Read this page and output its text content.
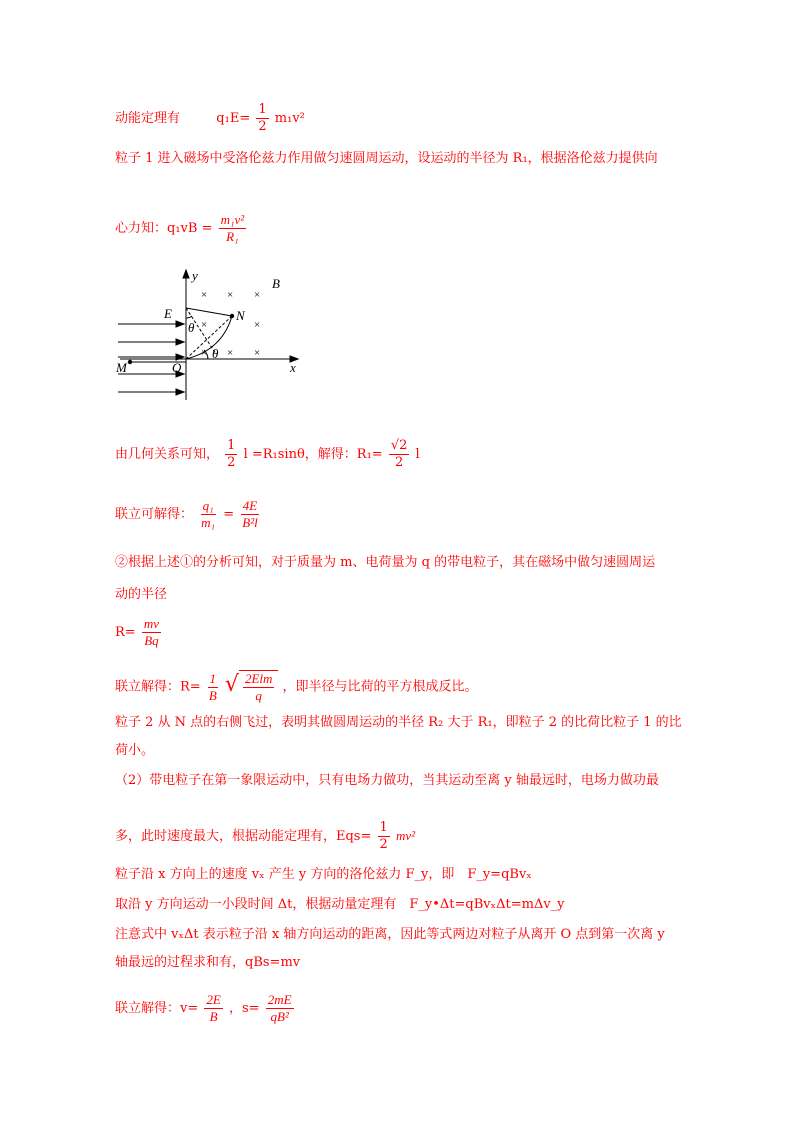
动能定理有	$q_1E= \frac{1}{2} m_1v^2$
粒子 1 进入磁场中受洛伦兹力作用做匀速圆周运动，设运动的半径为 R₁，根据洛伦兹力提供向
心力知：$q_1vB = \frac{\text{m₁v²}}{\text{R₁}}$
y
x
B
E	N
M	O
θ
θ
× × ×
×	×
× × ×
由几何关系可知， $\frac{1}{2}$ l =R₁sinθ，解得：$R_1= \frac{√2}{2}$ l
联立可解得： $\frac{\text{q₁}}{\text{m₁}} = \frac{4E}{\text{B²l}}$
②根据上述①的分析可知，对于质量为 m、电荷量为 q 的带电粒子，其在磁场中做匀速圆周运
动的半径
$R= \frac{mv}{Bq}$
联立解得：$R= \frac{1}{B}$
√ $\frac{\text{2Elm}}{q}$ ，即半径与比荷的平方根成反比。
粒子 2 从 N 点的右侧飞过，表明其做圆周运动的半径 R₂ 大于 R₁，即粒子 2 的比荷比粒子 1 的比
荷小。
（2）带电粒子在第一象限运动中，只有电场力做功，当其运动至离 y 轴最远时，电场力做功最
多，此时速度最大，根据动能定理有，$Eqs= \frac{1}{2} mv^2$
粒子沿 x 方向上的速度 vₓ 产生 y 方向的洛伦兹力 F_y，即　F_y=qBvₓ
取沿 y 方向运动一小段时间 Δt，根据动量定理有　F_y•Δt=qBvₓΔt=mΔv_y
注意式中 vₓΔt 表示粒子沿 x 轴方向运动的距离，因此等式两边对粒子从离开 O 点到第一次离 y
轴最远的过程求和有，qBs=mv
联立解得：$v= \frac{2E}{B}$ ，$s= \frac{2mE}{\text{qB²}}$
